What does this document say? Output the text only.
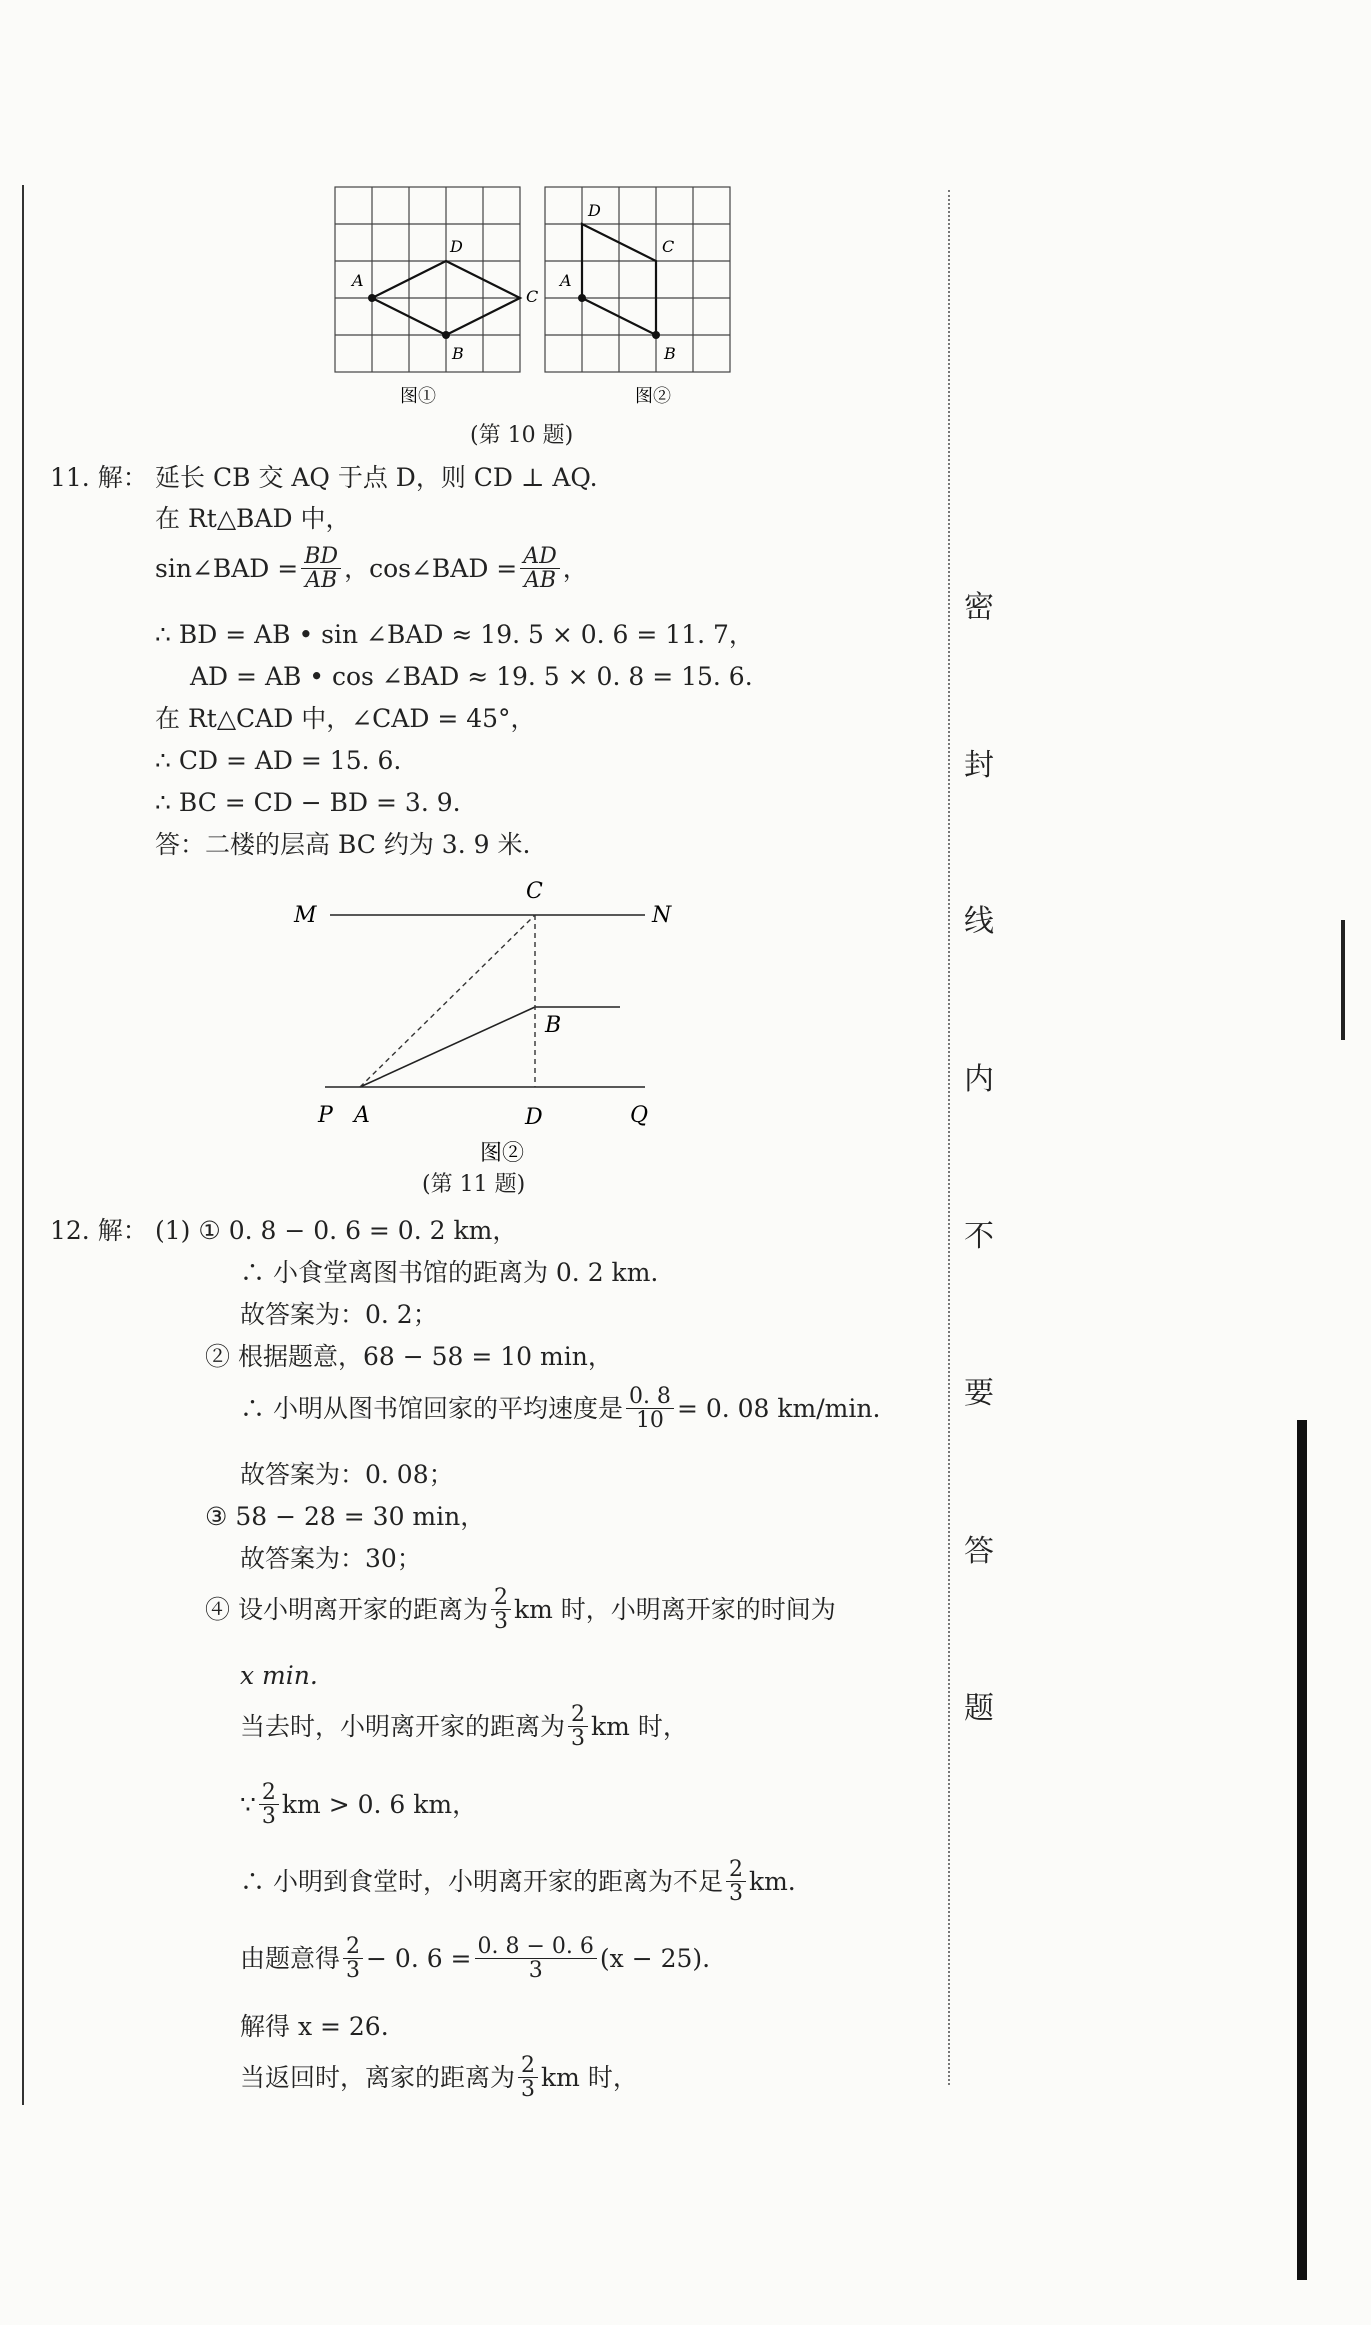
密
封
线
内
不
要
答
题
A
D
C
B
图①
D
C
A
B
图②
(第 10 题)
11. 解： 延长 CB 交 AQ 于点 D，则 CD ⊥ AQ.
在 Rt△BAD 中，
sin∠BAD = $\frac{BD}{AB}$ ，cos∠BAD = $\frac{AD}{AB}$ ，
∴ BD = AB • sin ∠BAD ≈ 19. 5 × 0. 6 = 11. 7，
AD = AB • cos ∠BAD ≈ 19. 5 × 0. 8 = 15. 6.
在 Rt△CAD 中，∠CAD = 45°，
∴ CD = AD = 15. 6.
∴ BC = CD − BD = 3. 9.
答：二楼的层高 BC 约为 3. 9 米.
M	N
C
B
P A	D	Q
图②
(第 11 题)
12. 解： (1) ① 0. 8 − 0. 6 = 0. 2 km，
∴ 小食堂离图书馆的距离为 0. 2 km.
故答案为：0. 2；
② 根据题意，68 − 58 = 10 min，
∴ 小明从图书馆回家的平均速度是 $\frac{0. 8}{10} = 0$. 08 km/min.
故答案为：0. 08；
③ 58 − 28 = 30 min，
故答案为：30；
④ 设小明离开家的距离为 $\frac{2}{3}$ km 时，小明离开家的时间为
x min.
当去时，小明离开家的距离为 $\frac{2}{3}$ km 时，
∵ $\frac{2}{3}$ km > 0. 6 km，
∴ 小明到食堂时，小明离开家的距离为不足 $\frac{2}{3}$ km.
由题意得 $\frac{2}{3} - 0$. $6 = \frac{0. 8 - 0. 6}{3} (x - 25)$.
解得 x = 26.
当返回时，离家的距离为 $\frac{2}{3}$ km 时，
